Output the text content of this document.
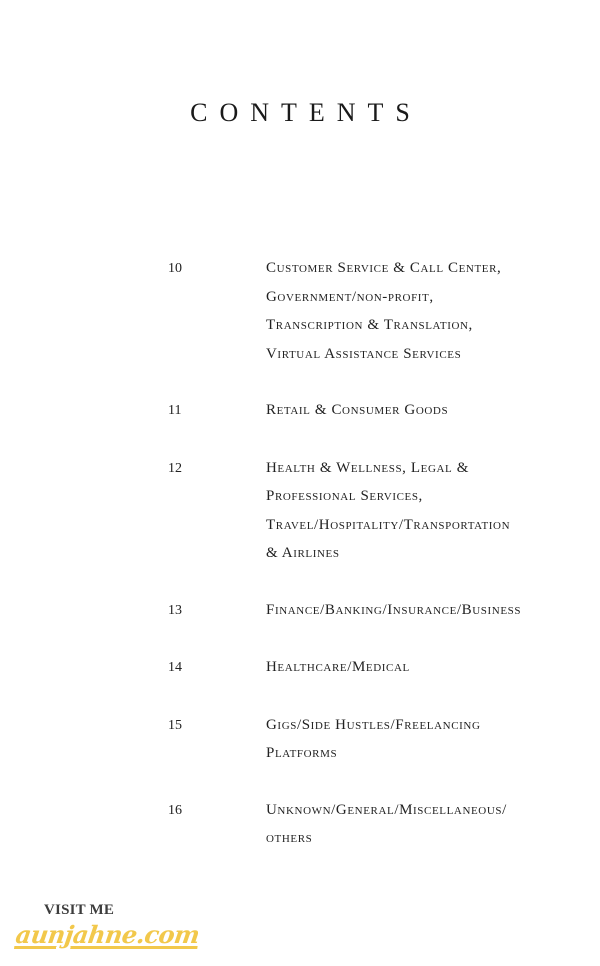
CONTENTS
10	Customer Service & Call Center,
Government/non-profit,
Transcription & Translation,
Virtual Assistance Services
11	Retail & Consumer Goods
12	Health & Wellness, Legal &
Professional Services,
Travel/Hospitality/Transportation
& Airlines
13	Finance/Banking/Insurance/Business
14	Healthcare/Medical
15	Gigs/Side Hustles/Freelancing
Platforms
16	Unknown/General/Miscellaneous/
others
VISIT ME
aunjahne.com
